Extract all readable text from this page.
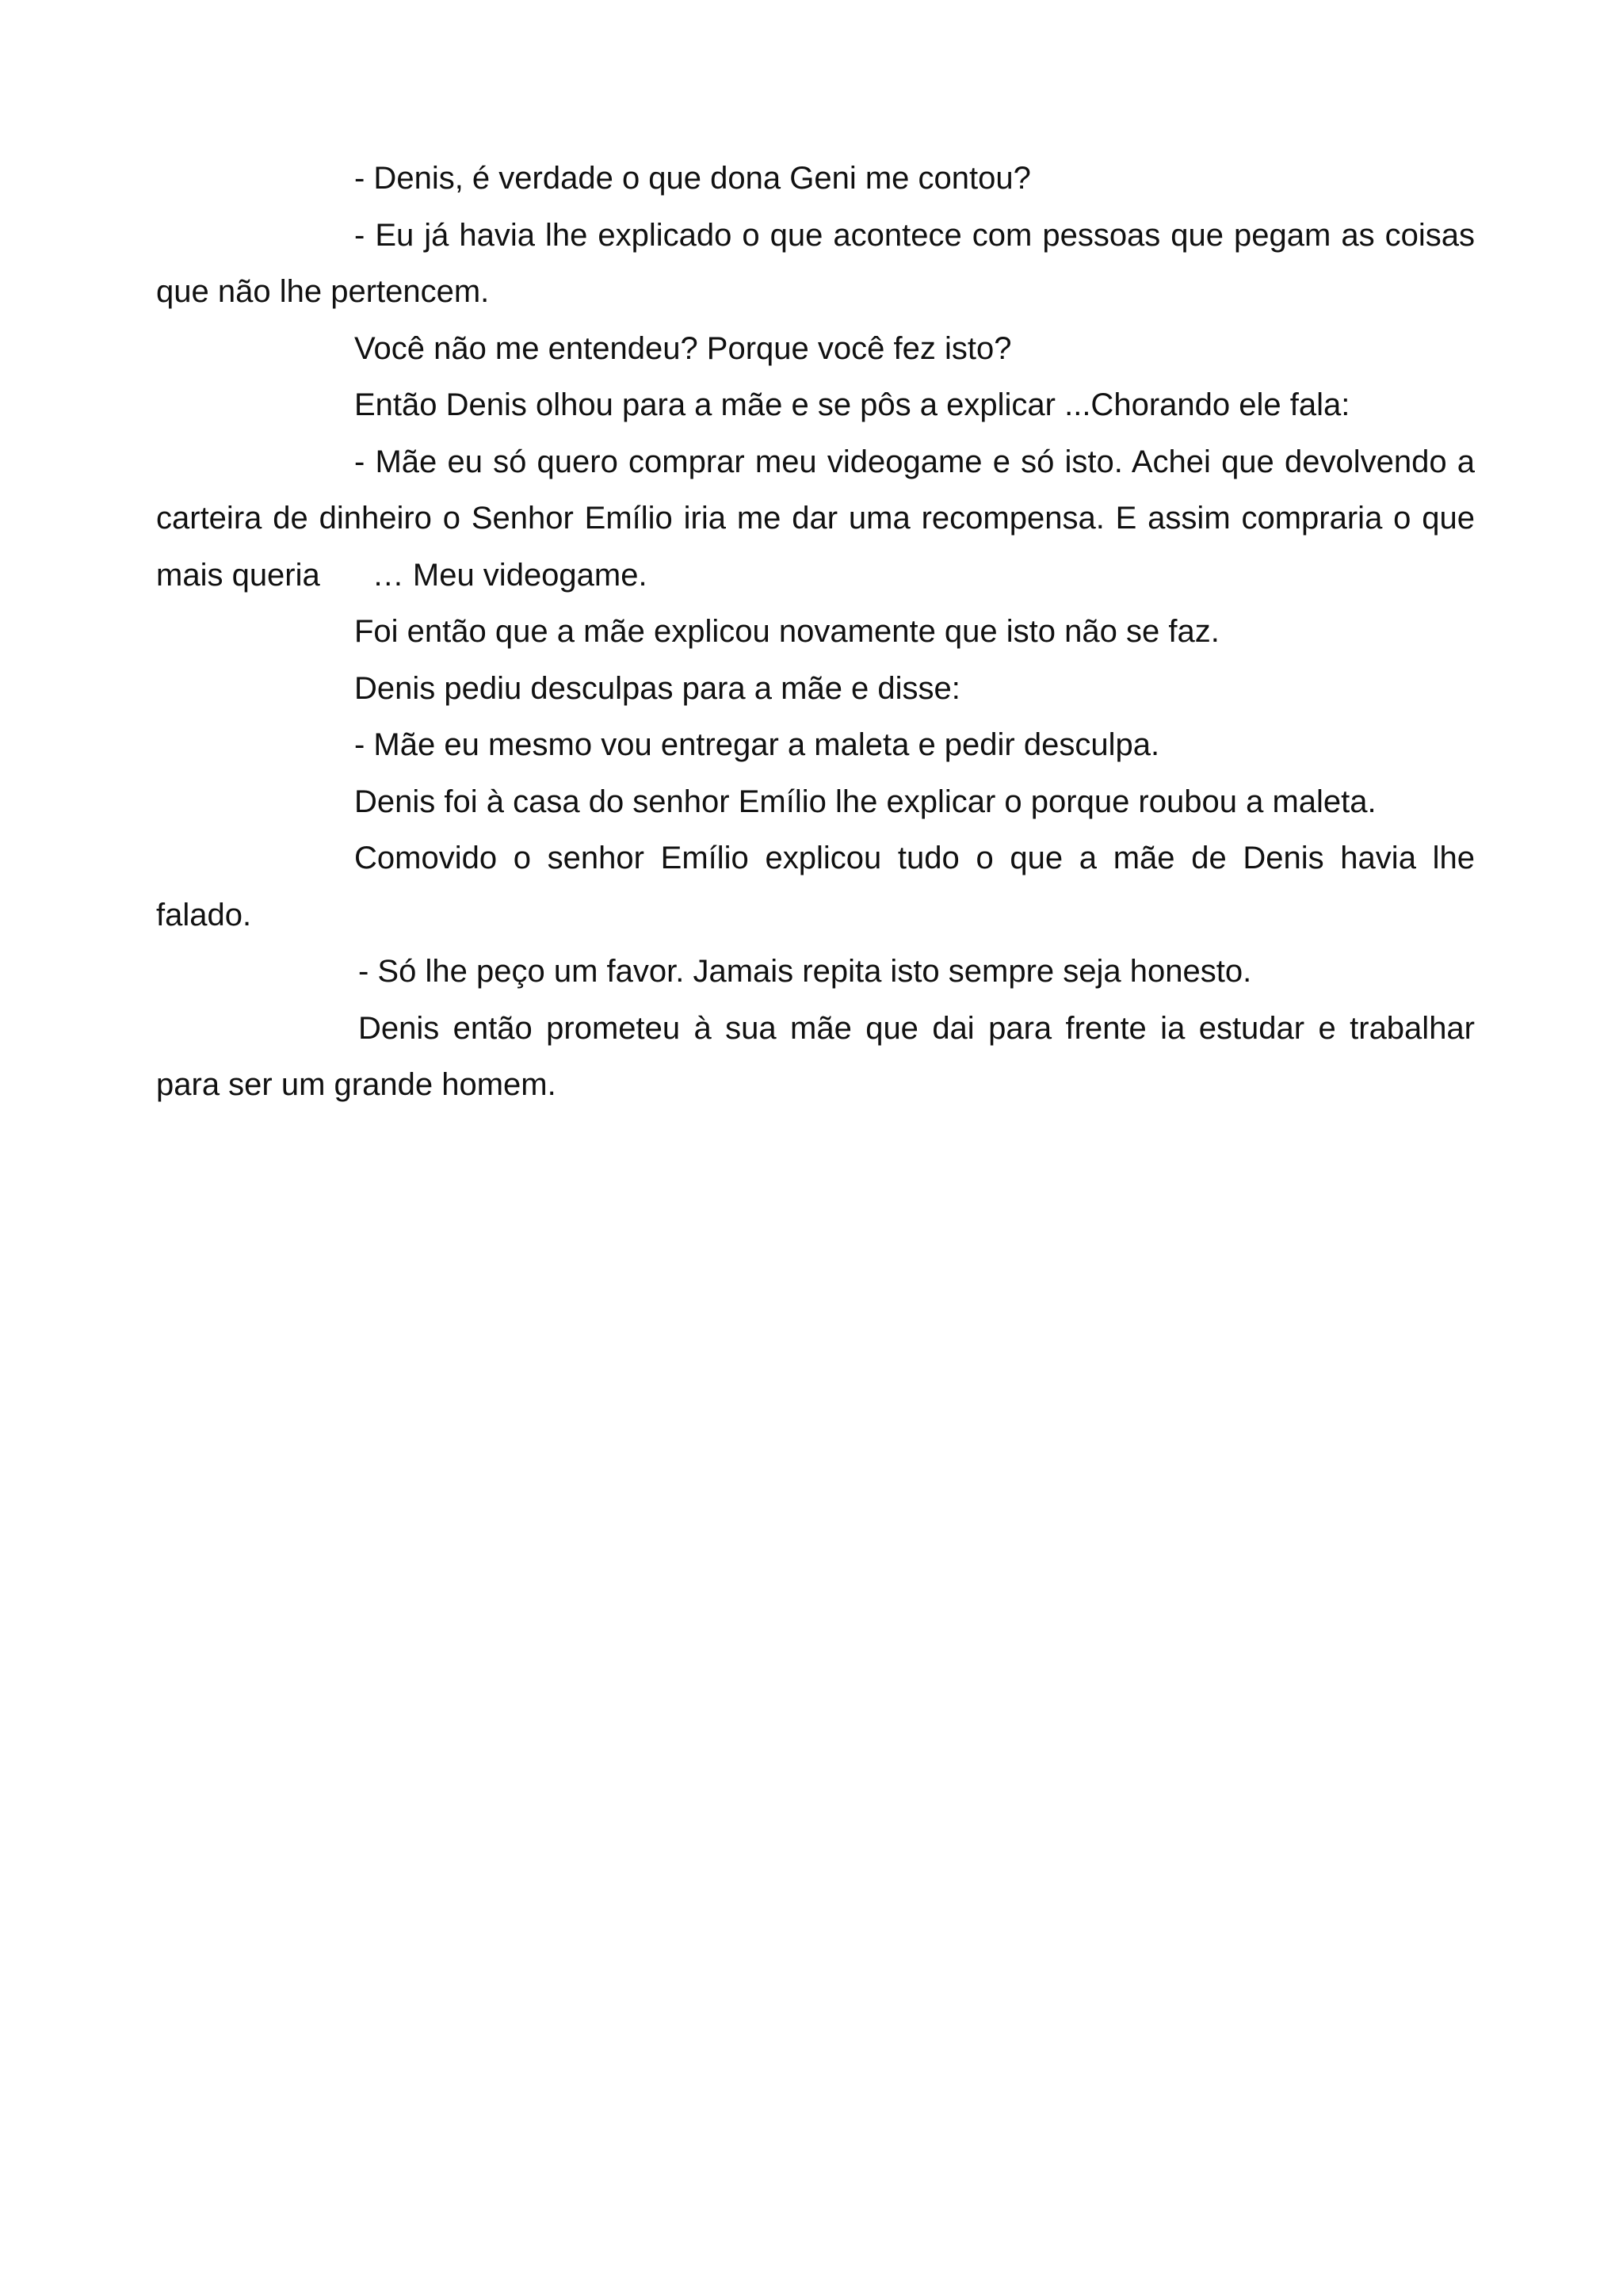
- Denis, é verdade o que dona Geni me contou?

- Eu já havia lhe explicado o que acontece com pessoas que pegam as coisas que não lhe pertencem.

Você não me entendeu? Porque você fez isto?

Então Denis olhou para a mãe e se pôs a explicar ...Chorando ele fala:

- Mãe eu só quero comprar meu videogame e só isto. Achei que devolvendo a carteira de dinheiro o Senhor Emílio iria me dar uma recompensa. E assim compraria o que mais queria … Meu videogame.

Foi então que a mãe explicou novamente que isto não se faz.

Denis pediu desculpas para a mãe e disse:

- Mãe eu mesmo vou entregar a maleta e pedir desculpa.

Denis foi à casa do senhor Emílio lhe explicar o porque roubou a maleta.

Comovido o senhor Emílio explicou tudo o que a mãe de Denis havia lhe falado.

- Só lhe peço um favor. Jamais repita isto sempre seja honesto.

Denis então prometeu à sua mãe que dai para frente ia estudar e trabalhar para ser um grande homem.
